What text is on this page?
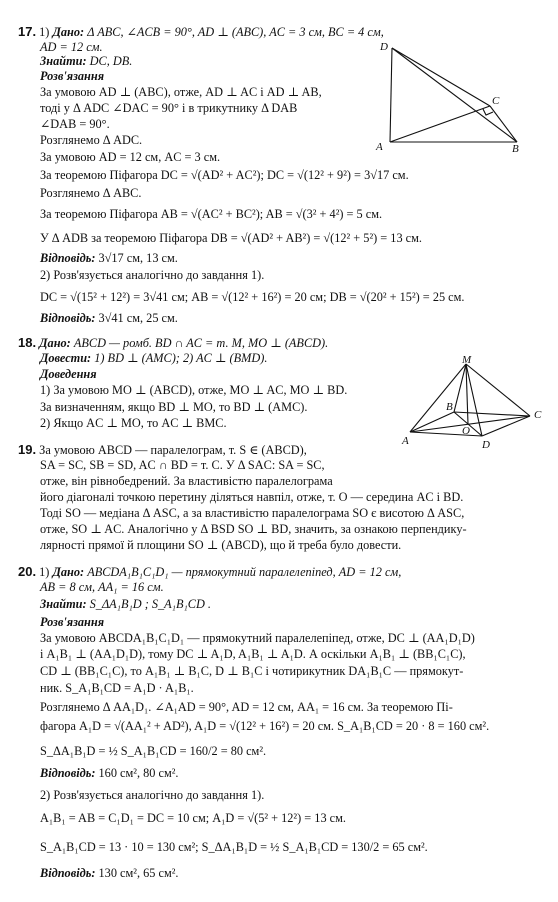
17. 1) Дано: Δ ABC, ∠ACB = 90°, AD ⊥ (ABC), AC = 3 см, BC = 4 см,
AD = 12 см.
Знайти: DC, DB.
Розв'язання
За умовою AD ⊥ (ABC), отже, AD ⊥ AC і AD ⊥ AB,
тоді у Δ ADC ∠DAC = 90° і в трикутнику Δ DAB
∠DAB = 90°.
Розглянемо Δ ADC.
За умовою AD = 12 см, AC = 3 см.
За теоремою Піфагора DC = √(AD² + AC²); DC = √(12² + 9²) = 3√17 см.
Розглянемо Δ ABC.
За теоремою Піфагора AB = √(AC² + BC²); AB = √(3² + 4²) = 5 см.
У Δ ADB за теоремою Піфагора DB = √(AD² + AB²) = √(12² + 5²) = 13 см.
Відповідь: 3√17 см, 13 см.
2) Розв'язується аналогічно до завдання 1).
DC = √(15² + 12²) = 3√41 см; AB = √(12² + 16²) = 20 см; DB = √(20² + 15²) = 25 см.
Відповідь: 3√41 см, 25 см.
D
C
A	B
18. Дано: ABCD — ромб. BD ∩ AC = т. M, MO ⊥ (ABCD).
Довести: 1) BD ⊥ (AMC); 2) AC ⊥ (BMD).
Доведення
1) За умовою MO ⊥ (ABCD), отже, MO ⊥ AC, MO ⊥ BD.
За визначенням, якщо BD ⊥ MO, то BD ⊥ (AMC).
2) Якщо AC ⊥ MO, то AC ⊥ BMC.
M
B
C
O
A	D
19. За умовою ABCD — паралелограм, т. S ∈ (ABCD),
SA = SC, SB = SD, AC ∩ BD = т. C. У Δ SAC: SA = SC,
отже, він рівнобедрений. За властивістю паралелограма
його діагоналі точкою перетину діляться навпіл, отже, т. O — середина AC і BD.
Тоді SO — медіана Δ ASC, а за властивістю паралелограма SO є висотою Δ ASC,
отже, SO ⊥ AC. Аналогічно у Δ BSD SO ⊥ BD, значить, за ознакою перпендику-
лярності прямої й площини SO ⊥ (ABCD), що й треба було довести.
20. 1) Дано: ABCDA₁B₁C₁D₁ — прямокутний паралелепіпед, AD = 12 см,
AB = 8 см, AA₁ = 16 см.
Знайти: S_ΔA₁B₁D ; S_A₁B₁CD .
Розв'язання
За умовою ABCDA₁B₁C₁D₁ — прямокутний паралелепіпед, отже, DC ⊥ (AA₁D₁D)
і A₁B₁ ⊥ (AA₁D₁D), тому DC ⊥ A₁D, A₁B₁ ⊥ A₁D. А оскільки A₁B₁ ⊥ (BB₁C₁C),
CD ⊥ (BB₁C₁C), то A₁B₁ ⊥ B₁C, D ⊥ B₁C і чотирикутник DA₁B₁C — прямокут-
ник. S_A₁B₁CD = A₁D · A₁B₁.
Розглянемо Δ AA₁D₁. ∠A₁AD = 90°, AD = 12 см, AA₁ = 16 см. За теоремою Пі-
фагора A₁D = √(AA₁² + AD²), A₁D = √(12² + 16²) = 20 см. S_A₁B₁CD = 20 · 8 = 160 см².
S_ΔA₁B₁D = ½ S_A₁B₁CD = 160/2 = 80 см².
Відповідь: 160 см², 80 см².
2) Розв'язується аналогічно до завдання 1).
A₁B₁ = AB = C₁D₁ = DC = 10 см; A₁D = √(5² + 12²) = 13 см.
S_A₁B₁CD = 13 · 10 = 130 см²; S_ΔA₁B₁D = ½ S_A₁B₁CD = 130/2 = 65 см².
Відповідь: 130 см², 65 см².
